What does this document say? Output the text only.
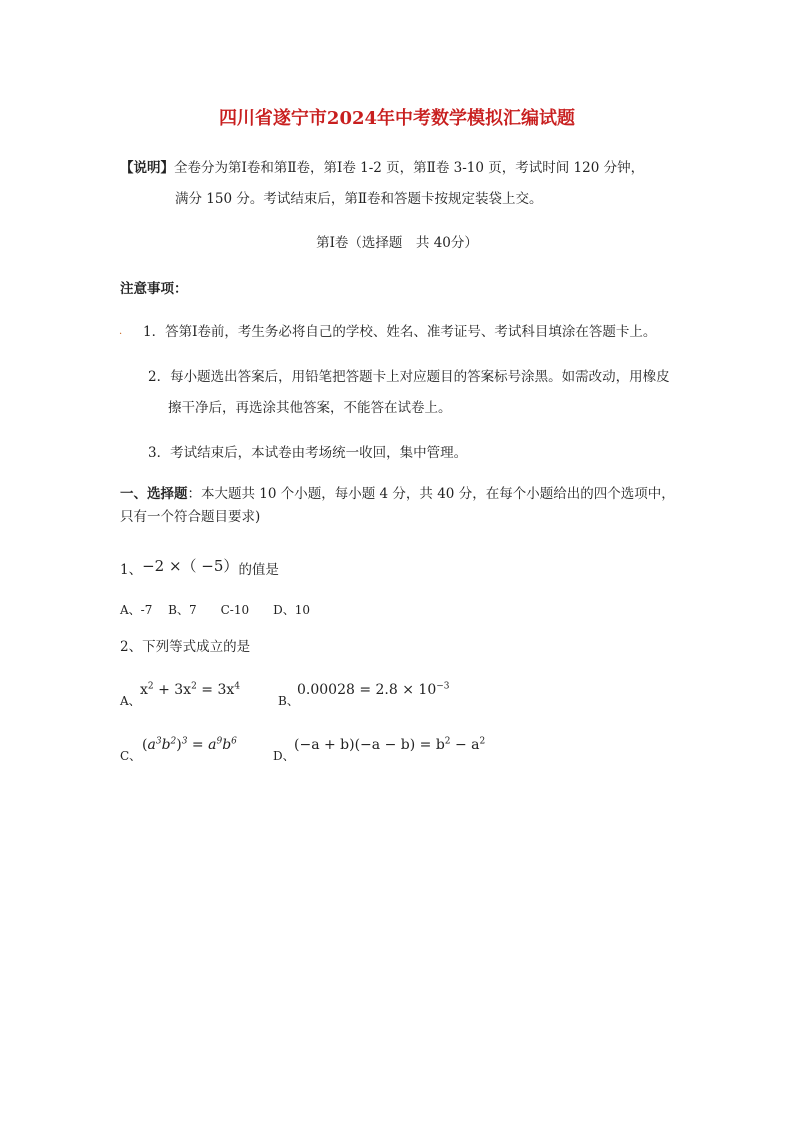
四川省遂宁市2024年中考数学模拟汇编试题
【说明】全卷分为第Ⅰ卷和第Ⅱ卷，第Ⅰ卷 1-2 页，第Ⅱ卷 3-10 页，考试时间 120 分钟，
满分 150 分。考试结束后，第Ⅱ卷和答题卡按规定装袋上交。
第Ⅰ卷（选择题　共 40分）
注意事项：
. 1．答第Ⅰ卷前，考生务必将自己的学校、姓名、准考证号、考试科目填涂在答题卡上。
2．每小题选出答案后，用铅笔把答题卡上对应题目的答案标号涂黑。如需改动，用橡皮
擦干净后，再选涂其他答案，不能答在试卷上。
3．考试结束后，本试卷由考场统一收回，集中管理。
一、选择题：本大题共 10 个小题，每小题 4 分，共 40 分，在每个小题给出的四个选项中，
只有一个符合题目要求)
1、−2 ×（ −5）的值是
A、-7　 B、7　　C-10　　D、10
2、下列等式成立的是
A、
$x^2 + 3x^2 = 3x^4$
B、
$0.00028 = 2.8 \times 10^{-3}$
C、
$(a^3b^2)^3 = a^9b^6$
D、
$(-a + b)(-a - b) = b^2 - a^2$
